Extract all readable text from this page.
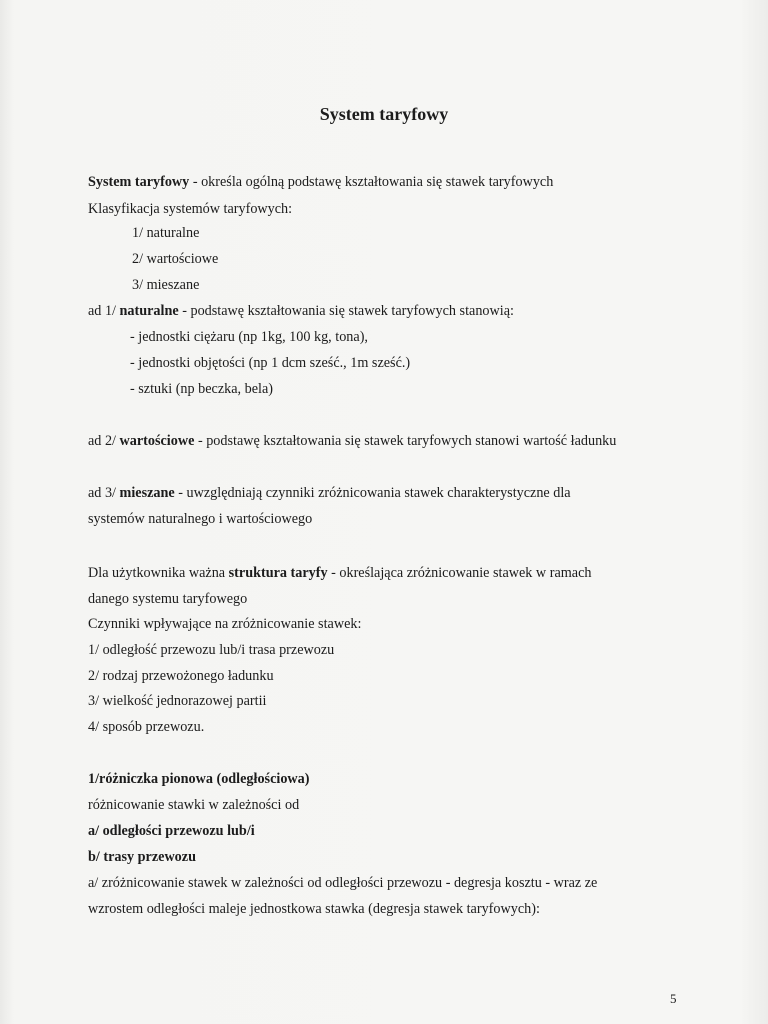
System taryfowy
System taryfowy - określa ogólną podstawę kształtowania się stawek taryfowych
Klasyfikacja systemów taryfowych:
1/ naturalne
2/ wartościowe
3/ mieszane
ad 1/ naturalne - podstawę kształtowania się stawek taryfowych stanowią:
- jednostki ciężaru (np 1kg, 100 kg, tona),
- jednostki objętości (np 1 dcm sześć., 1m sześć.)
- sztuki (np beczka, bela)
ad 2/ wartościowe - podstawę kształtowania się stawek taryfowych stanowi wartość ładunku
ad 3/ mieszane - uwzględniają czynniki zróżnicowania stawek charakterystyczne dla
systemów naturalnego i wartościowego
Dla użytkownika ważna struktura taryfy - określająca zróżnicowanie stawek w ramach
danego systemu taryfowego
Czynniki wpływające na zróżnicowanie stawek:
1/ odległość przewozu lub/i trasa przewozu
2/ rodzaj przewożonego ładunku
3/ wielkość jednorazowej partii
4/ sposób przewozu.
1/różniczka pionowa (odległościowa)
różnicowanie stawki w zależności od
a/ odległości przewozu lub/i
b/ trasy przewozu
a/ zróżnicowanie stawek w zależności od odległości przewozu - degresja kosztu - wraz ze
wzrostem odległości maleje jednostkowa stawka (degresja stawek taryfowych):
5
